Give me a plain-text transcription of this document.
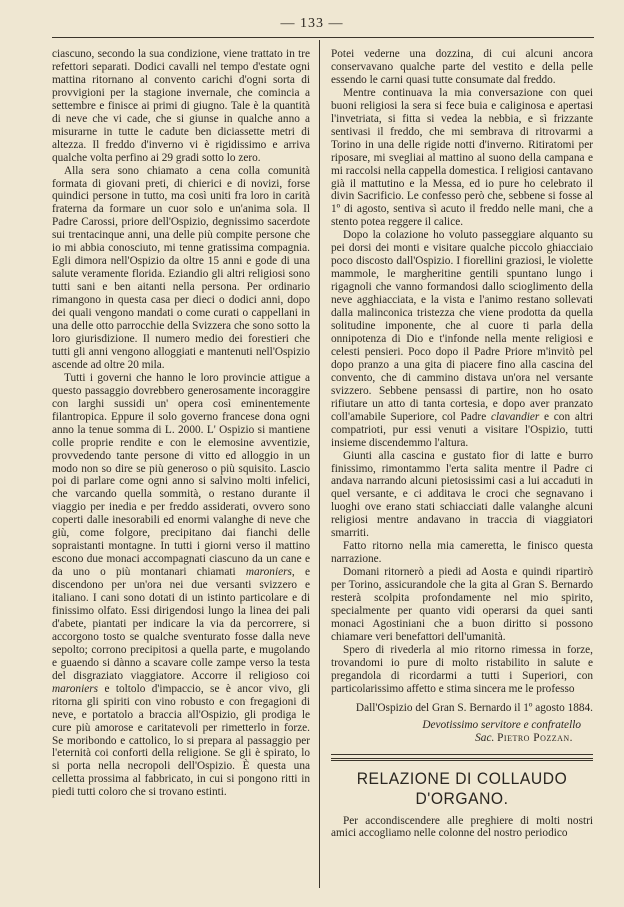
— 133 —

ciascuno, secondo la sua condizione, viene trattato in tre refettori separati. Dodici cavalli nel tempo d'estate ogni mattina ritornano al convento carichi d'ogni sorta di provvigioni per la stagione invernale, che comincia a settembre e finisce ai primi di giugno. Tale è la quantità di neve che vi cade, che si giunse in qualche anno a misurarne in tutte le cadute ben diciassette metri di altezza. Il freddo d'inverno vi è rigidissimo e arriva qualche volta perfino ai 29 gradi sotto lo zero.

Alla sera sono chiamato a cena colla comunità formata di giovani preti, di chierici e di novizi, forse quindici persone in tutto, ma così uniti fra loro in carità fraterna da formare un cuor solo e un'anima sola. Il Padre Carossi, priore dell'Ospizio, degnissimo sacerdote sui trentacinque anni, una delle più compite persone che io mi abbia conosciuto, mi tenne gratissima compagnia. Egli dimora nell'Ospizio da oltre 15 anni e gode di una salute veramente florida. Eziandio gli altri religiosi sono tutti sani e ben aitanti nella persona. Per ordinario rimangono in questa casa per dieci o dodici anni, dopo dei quali vengono mandati o come curati o cappellani in una delle otto parrocchie della Svizzera che sono sotto la loro giurisdizione. Il numero medio dei forestieri che tutti gli anni vengono alloggiati e mantenuti nell'Ospizio ascende ad oltre 20 mila.

Tutti i governi che hanno le loro provincie attigue a questo passaggio dovrebbero generosamente incoraggire con larghi sussidi un' opera così eminentemente filantropica. Eppure il solo governo francese dona ogni anno la tenue somma di L. 2000. L' Ospizio si mantiene colle proprie rendite e con le elemosine avventizie, provvedendo tante persone di vitto ed alloggio in un modo non so dire se più generoso o più squisito. Lascio poi di parlare come ogni anno si salvino molti infelici, che varcando quella sommità, o restano durante il viaggio per inedia e per freddo assiderati, ovvero sono coperti dalle inesorabili ed enormi valanghe di neve che giù, come folgore, precipitano dai fianchi delle sopraistanti montagne. In tutti i giorni verso il mattino escono due monaci accompagnati ciascuno da un cane e da uno o più montanari chiamati maroniers, e discendono per un'ora nei due versanti svizzero e italiano. I cani sono dotati di un istinto particolare e di finissimo olfato. Essi dirigendosi lungo la linea dei pali d'abete, piantati per indicare la via da percorrere, si accorgono tosto se qualche sventurato fosse dalla neve sepolto; corrono precipitosi a quella parte, e mugolando e guaendo si dànno a scavare colle zampe verso la testa del disgraziato viaggiatore. Accorre il religioso coi maroniers e toltolo d'impaccio, se è ancor vivo, gli ritorna gli spiriti con vino robusto e con fregagioni di neve, e portatolo a braccia all'Ospizio, gli prodiga le cure più amorose e caritatevoli per rimetterlo in forze. Se moribondo e cattolico, lo si prepara al passaggio per l'eternità coi conforti della religione. Se gli è spirato, lo si porta nella necropoli dell'Ospizio. È questa una celletta prossima al fabbricato, in cui si pongono ritti in piedi tutti coloro che si trovano estinti.

Potei vederne una dozzina, di cui alcuni ancora conservavano qualche parte del vestito e della pelle essendo le carni quasi tutte consumate dal freddo.

Mentre continuava la mia conversazione con quei buoni religiosi la sera si fece buia e caliginosa e apertasi l'invetriata, si fitta si vedea la nebbia, e sì frizzante sentivasi il freddo, che mi sembrava di ritrovarmi a Torino in una delle rigide notti d'inverno. Ritiratomi per riposare, mi svegliai al mattino al suono della campana e mi raccolsi nella cappella domestica. I religiosi cantavano già il mattutino e la Messa, ed io pure ho celebrato il divin Sacrificio. Le confesso però che, sebbene si fosse al 1º di agosto, sentiva sì acuto il freddo nelle mani, che a stento potea reggere il calice.

Dopo la colazione ho voluto passeggiare alquanto su pei dorsi dei monti e visitare qualche piccolo ghiacciaio poco discosto dall'Ospizio. I fiorellini graziosi, le violette mammole, le margheritine gentili spuntano lungo i rigagnoli che vanno formandosi dallo scioglimento della neve agghiacciata, e la vista e l'animo restano sollevati dalla malinconica tristezza che viene prodotta da quella solitudine imponente, che al cuore ti parla della onnipotenza di Dio e t'infonde nella mente religiosi e celesti pensieri. Poco dopo il Padre Priore m'invitò pel dopo pranzo a una gita di piacere fino alla cascina del convento, che di cammino distava un'ora nel versante svizzero. Sebbene pensassi di partire, non ho osato rifiutare un atto di tanta cortesia, e dopo aver pranzato coll'amabile Superiore, col Padre clavandier e con altri compatrioti, pur essi venuti a visitare l'Ospizio, tutti insieme discendemmo l'altura.

Giunti alla cascina e gustato fior di latte e burro finissimo, rimontammo l'erta salita mentre il Padre ci andava narrando alcuni pietosissimi casi a lui accaduti in quel versante, e ci additava le croci che segnavano i luoghi ove erano stati schiacciati dalle valanghe alcuni religiosi mentre andavano in traccia di viaggiatori smarriti.

Fatto ritorno nella mia cameretta, le finisco questa narrazione.

Domani ritornerò a piedi ad Aosta e quindi ripartirò per Torino, assicurandole che la gita al Gran S. Bernardo resterà scolpita profondamente nel mio spirito, specialmente per quanto vidi operarsi da quei santi monaci Agostiniani che a buon diritto si possono chiamare veri benefattori dell'umanità.

Spero di rivederla al mio ritorno rimessa in forze, trovandomi io pure di molto ristabilito in salute e pregandola di ricordarmi a tutti i Superiori, con particolarissimo affetto e stima sincera me le professo

Dall'Ospizio del Gran S. Bernardo il 1º agosto 1884.

Devotissimo servitore e confratello

Sac. Pietro Pozzan.

RELAZIONE DI COLLAUDO D'ORGANO.

Per accondiscendere alle preghiere di molti nostri amici accogliamo nelle colonne del nostro periodico
